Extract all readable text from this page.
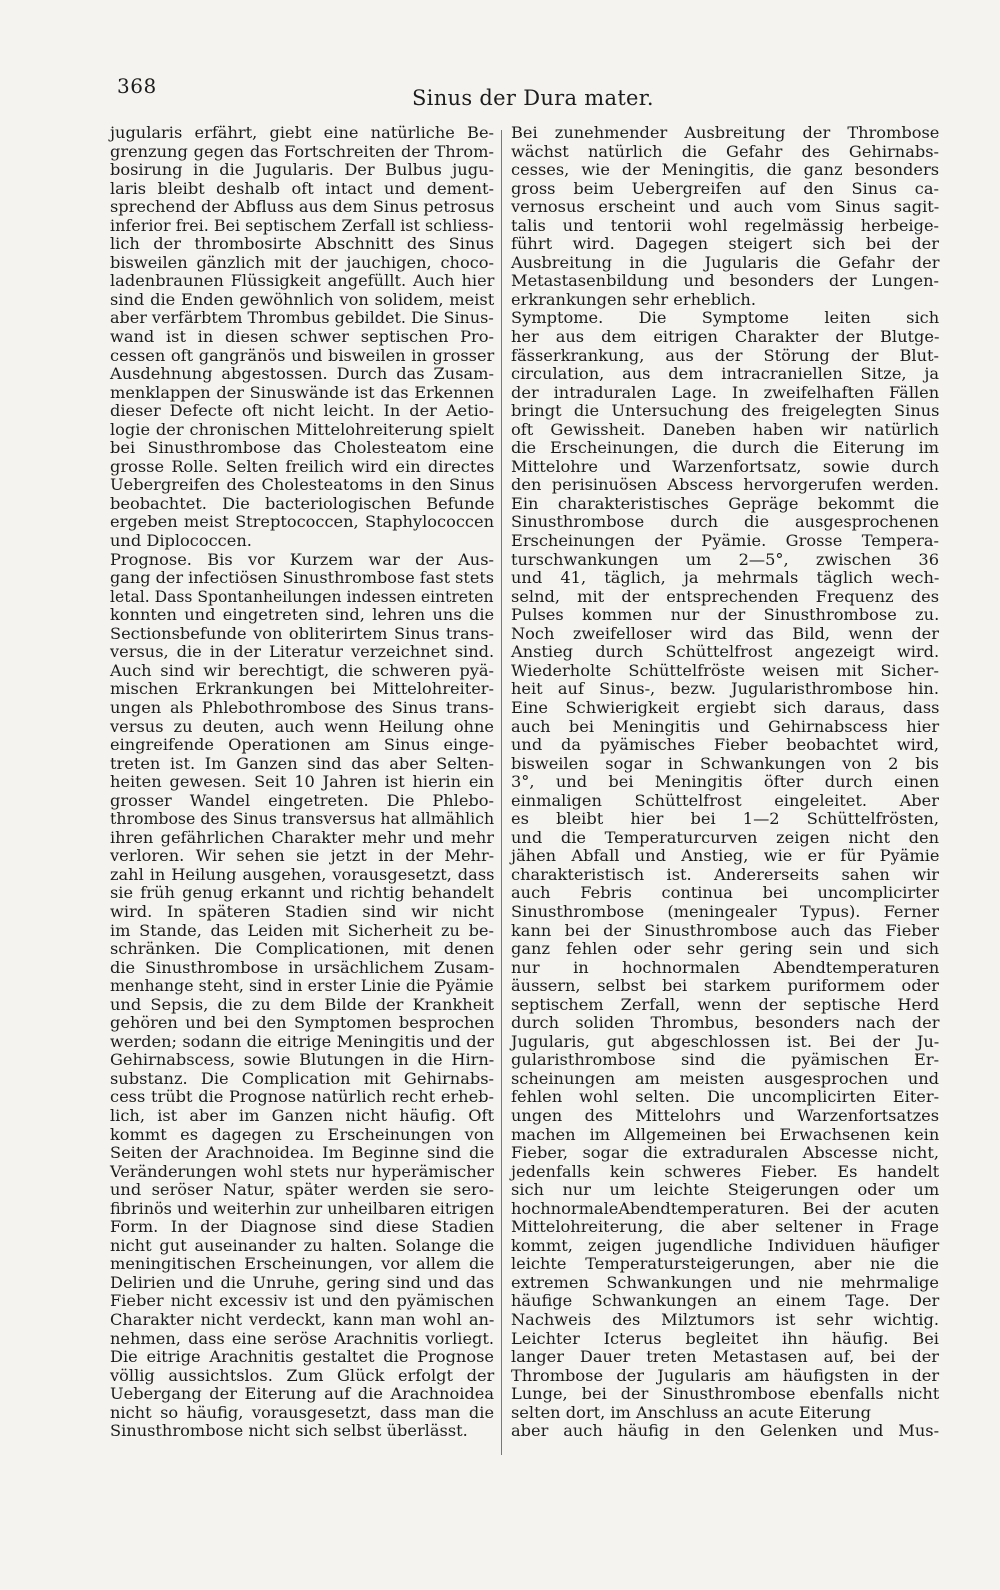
368	Sinus der Dura mater.
jugularis erfährt, giebt eine natürliche Be-
grenzung gegen das Fortschreiten der Throm-
bosirung in die Jugularis. Der Bulbus jugu-
laris bleibt deshalb oft intact und dement-
sprechend der Abfluss aus dem Sinus petrosus
inferior frei. Bei septischem Zerfall ist schliess-
lich der thrombosirte Abschnitt des Sinus
bisweilen gänzlich mit der jauchigen, choco-
ladenbraunen Flüssigkeit angefüllt. Auch hier
sind die Enden gewöhnlich von solidem, meist
aber verfärbtem Thrombus gebildet. Die Sinus-
wand ist in diesen schwer septischen Pro-
cessen oft gangränös und bisweilen in grosser
Ausdehnung abgestossen. Durch das Zusam-
menklappen der Sinuswände ist das Erkennen
dieser Defecte oft nicht leicht. In der Aetio-
logie der chronischen Mittelohreiterung spielt
bei Sinusthrombose das Cholesteatom eine
grosse Rolle. Selten freilich wird ein directes
Uebergreifen des Cholesteatoms in den Sinus
beobachtet. Die bacteriologischen Befunde
ergeben meist Streptococcen, Staphylococcen
und Diplococcen.
Prognose. Bis vor Kurzem war der Aus-
gang der infectiösen Sinusthrombose fast stets
letal. Dass Spontanheilungen indessen eintreten
konnten und eingetreten sind, lehren uns die
Sectionsbefunde von obliterirtem Sinus trans-
versus, die in der Literatur verzeichnet sind.
Auch sind wir berechtigt, die schweren pyä-
mischen Erkrankungen bei Mittelohreiter-
ungen als Phlebothrombose des Sinus trans-
versus zu deuten, auch wenn Heilung ohne
eingreifende Operationen am Sinus einge-
treten ist. Im Ganzen sind das aber Selten-
heiten gewesen. Seit 10 Jahren ist hierin ein
grosser Wandel eingetreten. Die Phlebo-
thrombose des Sinus transversus hat allmählich
ihren gefährlichen Charakter mehr und mehr
verloren. Wir sehen sie jetzt in der Mehr-
zahl in Heilung ausgehen, vorausgesetzt, dass
sie früh genug erkannt und richtig behandelt
wird. In späteren Stadien sind wir nicht
im Stande, das Leiden mit Sicherheit zu be-
schränken. Die Complicationen, mit denen
die Sinusthrombose in ursächlichem Zusam-
menhange steht, sind in erster Linie die Pyämie
und Sepsis, die zu dem Bilde der Krankheit
gehören und bei den Symptomen besprochen
werden; sodann die eitrige Meningitis und der
Gehirnabscess, sowie Blutungen in die Hirn-
substanz. Die Complication mit Gehirnabs-
cess trübt die Prognose natürlich recht erheb-
lich, ist aber im Ganzen nicht häufig. Oft
kommt es dagegen zu Erscheinungen von
Seiten der Arachnoidea. Im Beginne sind die
Veränderungen wohl stets nur hyperämischer
und seröser Natur, später werden sie sero-
fibrinös und weiterhin zur unheilbaren eitrigen
Form. In der Diagnose sind diese Stadien
nicht gut auseinander zu halten. Solange die
meningitischen Erscheinungen, vor allem die
Delirien und die Unruhe, gering sind und das
Fieber nicht excessiv ist und den pyämischen
Charakter nicht verdeckt, kann man wohl an-
nehmen, dass eine seröse Arachnitis vorliegt.
Die eitrige Arachnitis gestaltet die Prognose
völlig aussichtslos. Zum Glück erfolgt der
Uebergang der Eiterung auf die Arachnoidea
nicht so häufig, vorausgesetzt, dass man die
Sinusthrombose nicht sich selbst überlässt.
Bei zunehmender Ausbreitung der Thrombose
wächst natürlich die Gefahr des Gehirnabs-
cesses, wie der Meningitis, die ganz besonders
gross beim Uebergreifen auf den Sinus ca-
vernosus erscheint und auch vom Sinus sagit-
talis und tentorii wohl regelmässig herbeige-
führt wird. Dagegen steigert sich bei der
Ausbreitung in die Jugularis die Gefahr der
Metastasenbildung und besonders der Lungen-
erkrankungen sehr erheblich.
Symptome. Die Symptome leiten sich
her aus dem eitrigen Charakter der Blutge-
fässerkrankung, aus der Störung der Blut-
circulation, aus dem intracraniellen Sitze, ja
der intraduralen Lage. In zweifelhaften Fällen
bringt die Untersuchung des freigelegten Sinus
oft Gewissheit. Daneben haben wir natürlich
die Erscheinungen, die durch die Eiterung im
Mittelohre und Warzenfortsatz, sowie durch
den perisinuösen Abscess hervorgerufen werden.
Ein charakteristisches Gepräge bekommt die
Sinusthrombose durch die ausgesprochenen
Erscheinungen der Pyämie. Grosse Tempera-
turschwankungen um 2—5°, zwischen 36
und 41, täglich, ja mehrmals täglich wech-
selnd, mit der entsprechenden Frequenz des
Pulses kommen nur der Sinusthrombose zu.
Noch zweifelloser wird das Bild, wenn der
Anstieg durch Schüttelfrost angezeigt wird.
Wiederholte Schüttelfröste weisen mit Sicher-
heit auf Sinus-, bezw. Jugularisthrombose hin.
Eine Schwierigkeit ergiebt sich daraus, dass
auch bei Meningitis und Gehirnabscess hier
und da pyämisches Fieber beobachtet wird,
bisweilen sogar in Schwankungen von 2 bis
3°, und bei Meningitis öfter durch einen
einmaligen Schüttelfrost eingeleitet. Aber
es bleibt hier bei 1—2 Schüttelfrösten,
und die Temperaturcurven zeigen nicht den
jähen Abfall und Anstieg, wie er für Pyämie
charakteristisch ist. Andererseits sahen wir
auch Febris continua bei uncomplicirter
Sinusthrombose (meningealer Typus). Ferner
kann bei der Sinusthrombose auch das Fieber
ganz fehlen oder sehr gering sein und sich
nur in hochnormalen Abendtemperaturen
äussern, selbst bei starkem puriformem oder
septischem Zerfall, wenn der septische Herd
durch soliden Thrombus, besonders nach der
Jugularis, gut abgeschlossen ist. Bei der Ju-
gularisthrombose sind die pyämischen Er-
scheinungen am meisten ausgesprochen und
fehlen wohl selten. Die uncomplicirten Eiter-
ungen des Mittelohrs und Warzenfortsatzes
machen im Allgemeinen bei Erwachsenen kein
Fieber, sogar die extraduralen Abscesse nicht,
jedenfalls kein schweres Fieber. Es handelt
sich nur um leichte Steigerungen oder um
hochnormaleAbendtemperaturen. Bei der acuten
Mittelohreiterung, die aber seltener in Frage
kommt, zeigen jugendliche Individuen häufiger
leichte Temperatursteigerungen, aber nie die
extremen Schwankungen und nie mehrmalige
häufige Schwankungen an einem Tage. Der
Nachweis des Milztumors ist sehr wichtig.
Leichter Icterus begleitet ihn häufig. Bei
langer Dauer treten Metastasen auf, bei der
Thrombose der Jugularis am häufigsten in der
Lunge, bei der Sinusthrombose ebenfalls nicht
selten dort, im Anschluss an acute Eiterung
aber auch häufig in den Gelenken und Mus-
